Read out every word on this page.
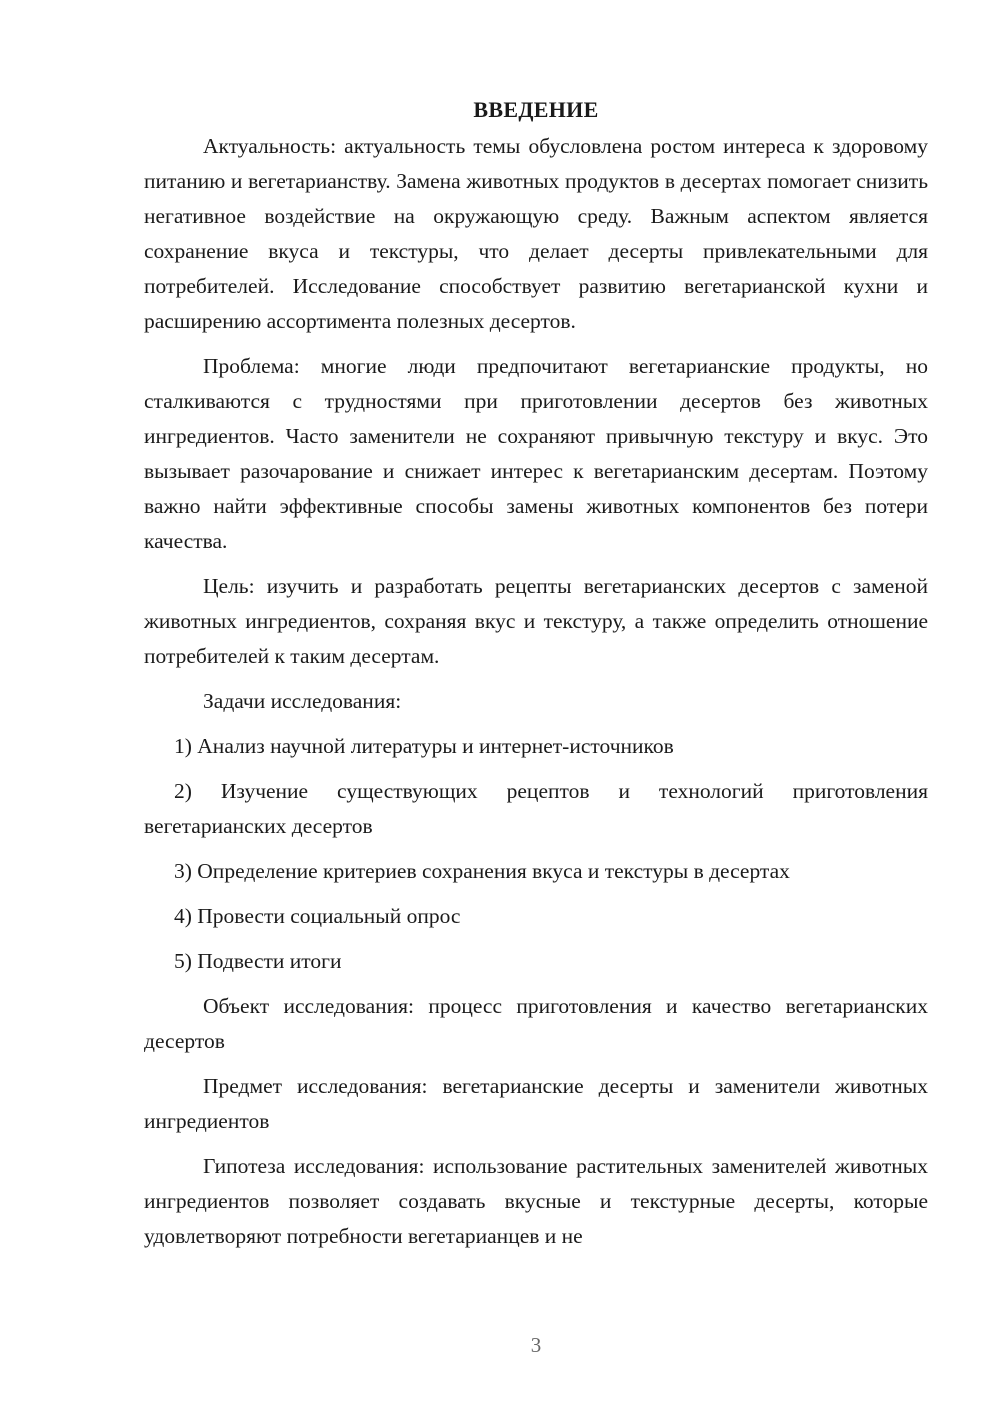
ВВЕДЕНИЕ

Актуальность: актуальность темы обусловлена ростом интереса к здоровому питанию и вегетарианству. Замена животных продуктов в десертах помогает снизить негативное воздействие на окружающую среду. Важным аспектом является сохранение вкуса и текстуры, что делает десерты привлекательными для потребителей. Исследование способствует развитию вегетарианской кухни и расширению ассортимента полезных десертов.

Проблема: многие люди предпочитают вегетарианские продукты, но сталкиваются с трудностями при приготовлении десертов без животных ингредиентов. Часто заменители не сохраняют привычную текстуру и вкус. Это вызывает разочарование и снижает интерес к вегетарианским десертам. Поэтому важно найти эффективные способы замены животных компонентов без потери качества.

Цель: изучить и разработать рецепты вегетарианских десертов с заменой животных ингредиентов, сохраняя вкус и текстуру, а также определить отношение потребителей к таким десертам.

Задачи исследования:

1) Анализ научной литературы и интернет-источников

2) Изучение существующих рецептов и технологий приготовления вегетарианских десертов

3) Определение критериев сохранения вкуса и текстуры в десертах

4) Провести социальный опрос

5) Подвести итоги

Объект исследования: процесс приготовления и качество вегетарианских десертов

Предмет исследования: вегетарианские десерты и заменители животных ингредиентов

Гипотеза исследования: использование растительных заменителей животных ингредиентов позволяет создавать вкусные и текстурные десерты, которые удовлетворяют потребности вегетарианцев и не

3
